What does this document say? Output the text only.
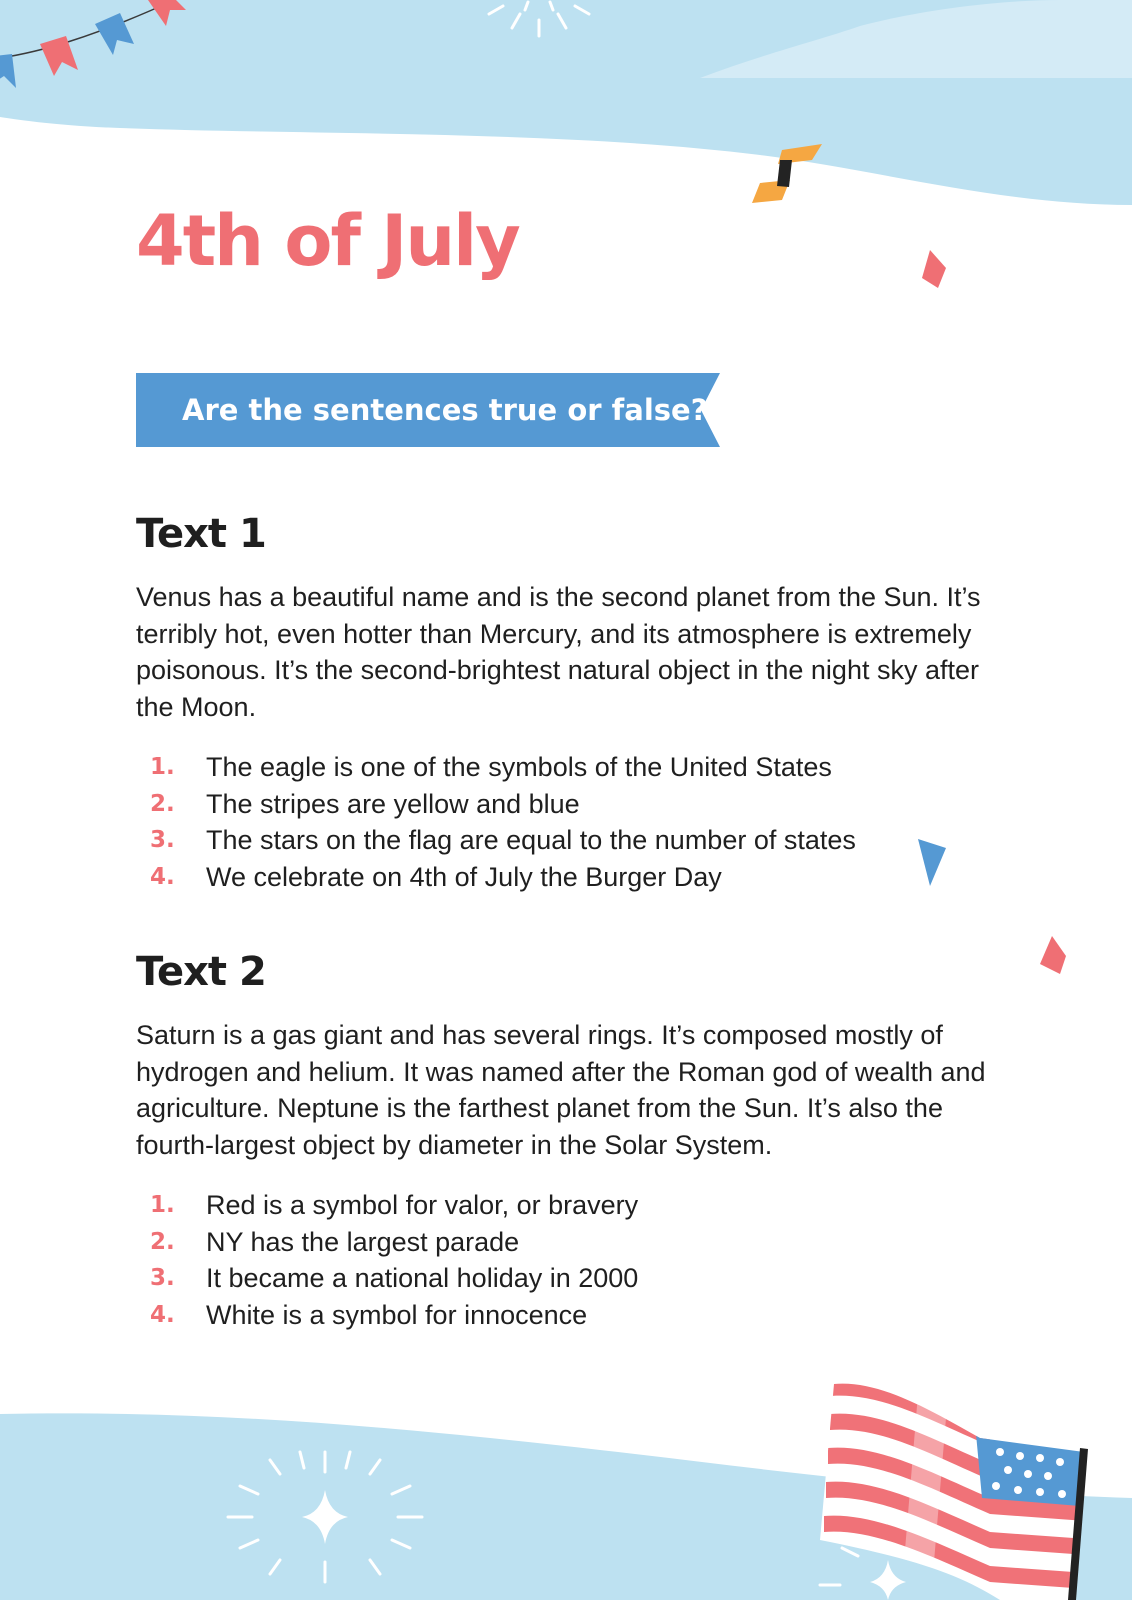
4th of July
Are the sentences true or false?
Text 1

Venus has a beautiful name and is the second planet from the Sun. It’s terribly hot, even hotter than Mercury, and its atmosphere is extremely poisonous. It’s the second-brightest natural object in the night sky after the Moon.

1.	The eagle is one of the symbols of the United States
2.	The stripes are yellow and blue
3.	The stars on the flag are equal to the number of states
4.	We celebrate on 4th of July the Burger Day
Text 2

Saturn is a gas giant and has several rings. It’s composed mostly of hydrogen and helium. It was named after the Roman god of wealth and agriculture. Neptune is the farthest planet from the Sun. It’s also the fourth-largest object by diameter in the Solar System.

1.	Red is a symbol for valor, or bravery
2.	NY has the largest parade
3.	It became a national holiday in 2000
4.	White is a symbol for innocence
